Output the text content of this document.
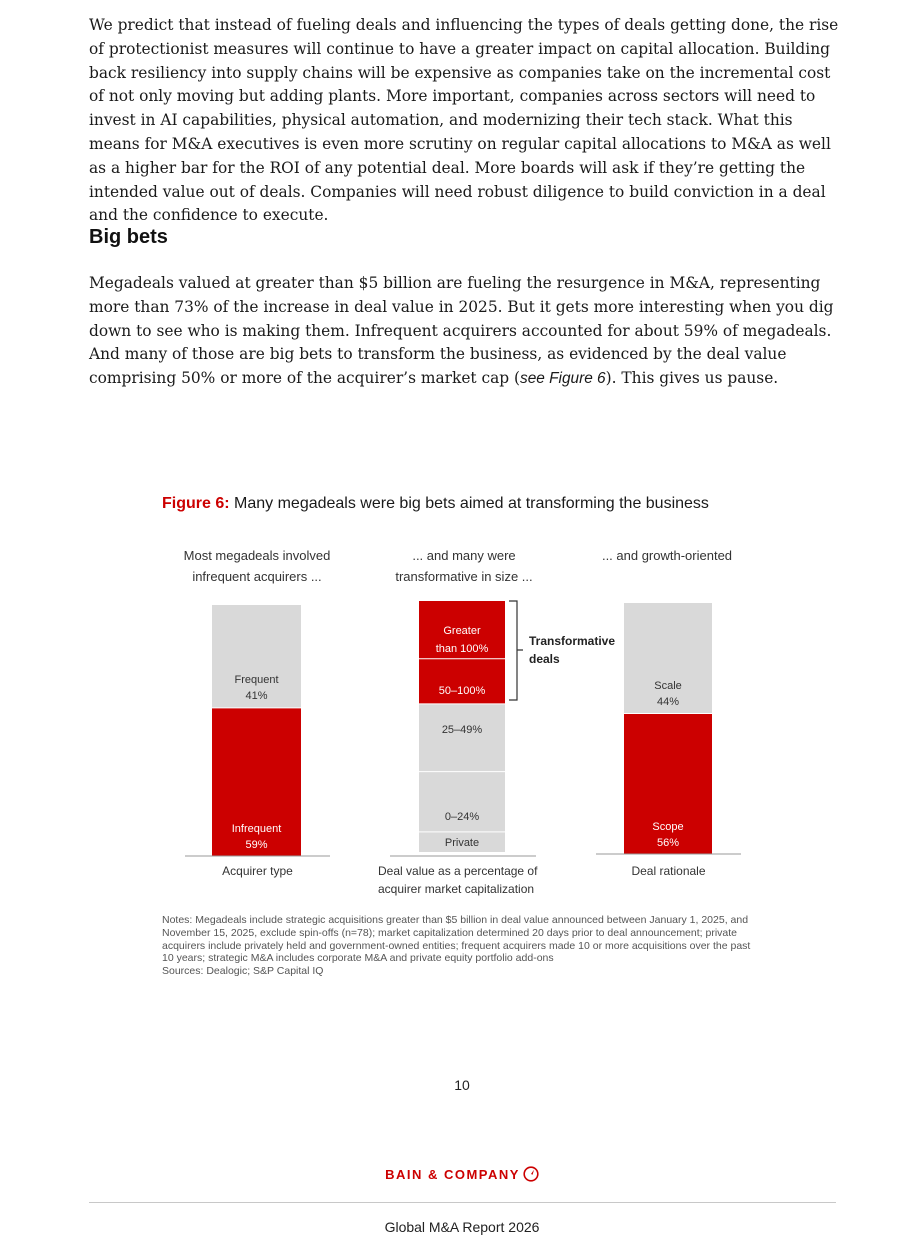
We predict that instead of fueling deals and influencing the types of deals getting done, the rise of protectionist measures will continue to have a greater impact on capital allocation. Building back resiliency into supply chains will be expensive as companies take on the incremental cost of not only moving but adding plants. More important, companies across sectors will need to invest in AI capabilities, physical automation, and modernizing their tech stack. What this means for M&A executives is even more scrutiny on regular capital allocations to M&A as well as a higher bar for the ROI of any potential deal. More boards will ask if they’re getting the intended value out of deals. Companies will need robust diligence to build conviction in a deal and the confidence to execute.

Big bets

Megadeals valued at greater than $5 billion are fueling the resurgence in M&A, representing more than 73% of the increase in deal value in 2025. But it gets more interesting when you dig down to see who is making them. Infrequent acquirers accounted for about 59% of megadeals. And many of those are big bets to transform the business, as evidenced by the deal value comprising 50% or more of the acquirer’s market cap (see Figure 6). This gives us pause.

Figure 6: Many megadeals were big bets aimed at transforming the business
Most megadeals involved infrequent acquirers ...
... and many were transformative in size ...
... and growth-oriented
Frequent
41%
Infrequent
59%
Greater than 100%
50–100%
25–49%
0–24%
Private
Transformative deals
Scale
44%
Scope
56%
Acquirer type	Deal value as a percentage of acquirer market capitalization
Deal rationale

Notes: Megadeals include strategic acquisitions greater than $5 billion in deal value announced between January 1, 2025, and November 15, 2025, exclude spin-offs (n=78); market capitalization determined 20 days prior to deal announcement; private acquirers include privately held and government-owned entities; frequent acquirers made 10 or more acquisitions over the past 10 years; strategic M&A includes corporate M&A and private equity portfolio add-ons

Sources: Dealogic; S&P Capital IQ

10
BAIN & COMPANY
Global M&A Report 2026
